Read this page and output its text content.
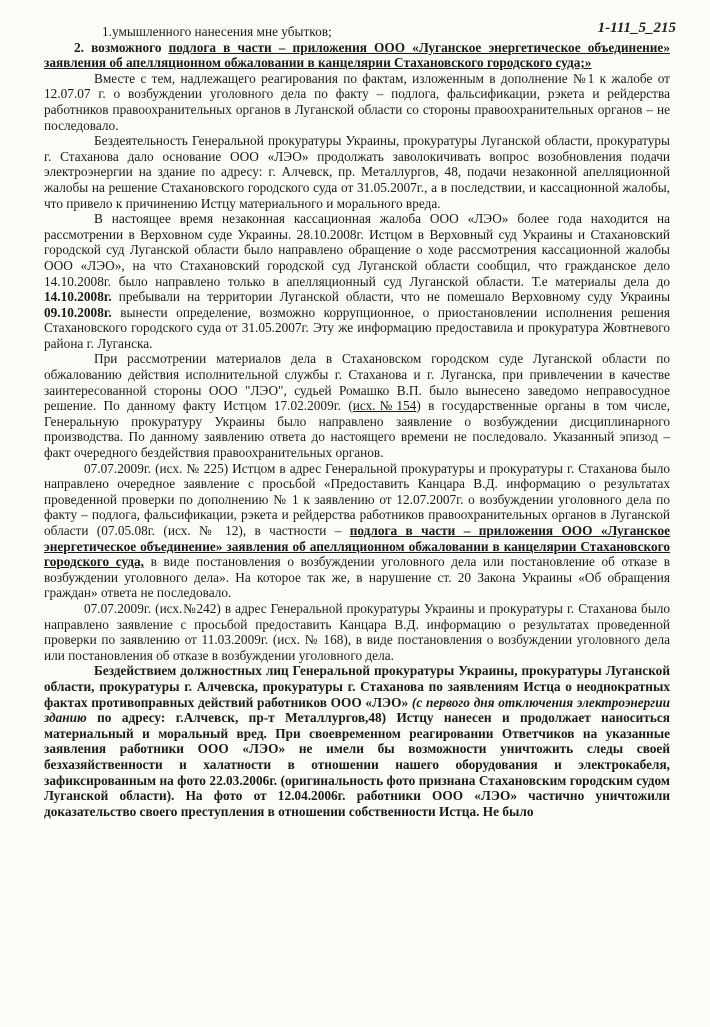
1-111_5_215

1.умышленного нанесения мне убытков;

2. возможного подлога в части – приложения ООО «Луганское энергетическое объединение» заявления об апелляционном обжаловании в канцелярии Стахановского городского суда;»

Вместе с тем, надлежащего реагирования по фактам, изложенным в дополнение №1 к жалобе от 12.07.07 г. о возбуждении уголовного дела по факту – подлога, фальсификации, рэкета и рейдерства работников правоохранительных органов в Луганской области со стороны правоохранительных органов – не последовало.

Бездеятельность Генеральной прокуратуры Украины, прокуратуры Луганской области, прокуратуры г. Стаханова дало основание ООО «ЛЭО» продолжать заволокичивать вопрос возобновления подачи электроэнергии на здание по адресу: г. Алчевск, пр. Металлургов, 48, подачи незаконной апелляционной жалобы на решение Стахановского городского суда от 31.05.2007г., а в последствии, и кассационной жалобы, что привело к причинению Истцу материального и морального вреда.

В настоящее время незаконная кассационная жалоба ООО «ЛЭО» более года находится на рассмотрении в Верховном суде Украины. 28.10.2008г. Истцом в Верховный суд Украины и Стахановский городской суд Луганской области было направлено обращение о ходе рассмотрения кассационной жалобы ООО «ЛЭО», на что Стахановский городской суд Луганской области сообщил, что гражданское дело 14.10.2008г. было направлено только в апелляционный суд Луганской области. Т.е материалы дела до 14.10.2008г. пребывали на территории Луганской области, что не помешало Верховному суду Украины 09.10.2008г. вынести определение, возможно коррупционное, о приостановлении исполнения решения Стахановского городского суда от 31.05.2007г. Эту же информацию предоставила и прокуратура Жовтневого района г. Луганска.

При рассмотрении материалов дела в Стахановском городском суде Луганской области по обжалованию действия исполнительной службы г. Стаханова и г. Луганска, при привлечении в качестве заинтересованной стороны ООО "ЛЭО", судьей Ромашко В.П. было вынесено заведомо неправосудное решение. По данному факту Истцом 17.02.2009г. (исх.№154) в государственные органы в том числе, Генеральную прокуратуру Украины было направлено заявление о возбуждении дисциплинарного производства. По данному заявлению ответа до настоящего времени не последовало. Указанный эпизод – факт очередного бездействия правоохранительных органов.

07.07.2009г. (исх. № 225) Истцом в адрес Генеральной прокуратуры и прокуратуры г. Стаханова было направлено очередное заявление с просьбой «Предоставить Канцара В.Д. информацию о результатах проведенной проверки по дополнению № 1 к заявлению от 12.07.2007г. о возбуждении уголовного дела по факту – подлога, фальсификации, рэкета и рейдерства работников правоохранительных органов в Луганской области (07.05.08г. (исх. № 12), в частности – подлога в части – приложения ООО «Луганское энергетическое объединение» заявления об апелляционном обжаловании в канцелярии Стахановского городского суда, в виде постановления о возбуждении уголовного дела или постановление об отказе в возбуждении уголовного дела». На которое так же, в нарушение ст. 20 Закона Украины «Об обращения граждан» ответа не последовало.

07.07.2009г. (исх.№242) в адрес Генеральной прокуратуры Украины и прокуратуры г. Стаханова было направлено заявление с просьбой предоставить Канцара В.Д. информацию о результатах проведенной проверки по заявлению от 11.03.2009г. (исх. № 168), в виде постановления о возбуждении уголовного дела или постановления об отказе в возбуждении уголовного дела.

Бездействием должностных лиц Генеральной прокуратуры Украины, прокуратуры Луганской области, прокуратуры г. Алчевска, прокуратуры г. Стаханова по заявлениям Истца о неоднократных фактах противоправных действий работников ООО «ЛЭО» (с первого дня отключения электроэнергии зданию по адресу: г.Алчевск, пр-т Металлургов,48) Истцу нанесен и продолжает наноситься материальный и моральный вред. При своевременном реагировании Ответчиков на указанные заявления работники ООО «ЛЭО» не имели бы возможности уничтожить следы своей безхазяйственности и халатности в отношении нашего оборудования и электрокабеля, зафиксированным на фото 22.03.2006г. (оригинальность фото признана Стахановским городским судом Луганской области). На фото от 12.04.2006г. работники ООО «ЛЭО» частично уничтожили доказательство своего преступления в отношении собственности Истца. Не было
